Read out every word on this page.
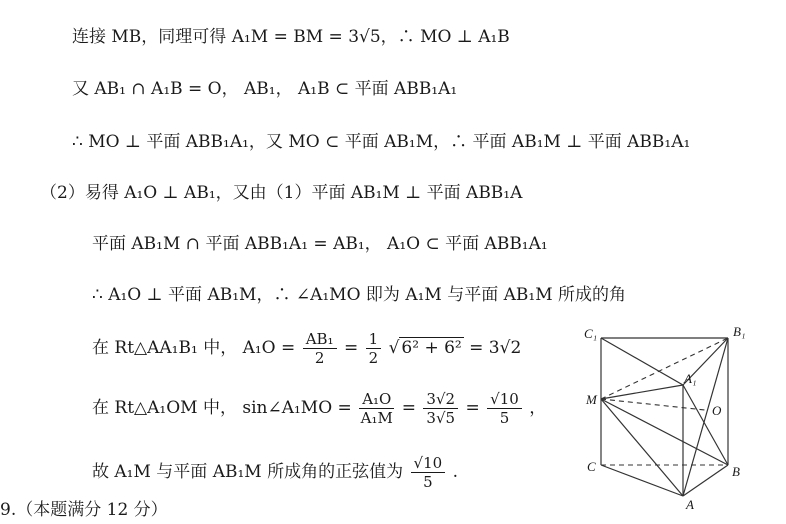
连接 MB，同理可得 A₁M = BM = 3√5，∴ MO ⊥ A₁B
又 AB₁ ∩ A₁B = O， AB₁， A₁B ⊂ 平面 ABB₁A₁
∴ MO ⊥ 平面 ABB₁A₁，又 MO ⊂ 平面 AB₁M，∴ 平面 AB₁M ⊥ 平面 ABB₁A₁
（2）易得 A₁O ⊥ AB₁，又由（1）平面 AB₁M ⊥ 平面 ABB₁A
平面 AB₁M ∩ 平面 ABB₁A₁ = AB₁， A₁O ⊂ 平面 ABB₁A₁
∴ A₁O ⊥ 平面 AB₁M，∴ ∠A₁MO 即为 A₁M 与平面 AB₁M 所成的角
在 Rt△AA₁B₁ 中， $A_1O = \frac{\text{AB₁}}{2} = \frac{1}{2}$ √ 6² + 6² = 3√2
在 Rt△A₁OM 中， sin∠A₁MO = $\frac{\text{A₁O}}{\text{A₁M}} = \frac{3√2}{3√5} = \frac{√10}{5}$ ，
故 A₁M 与平面 AB₁M 所成角的正弦值为 $\frac{√10}{5}$ .
9.（本题满分 12 分）
C₁	B₁
A₁
M
O
C	B
A
